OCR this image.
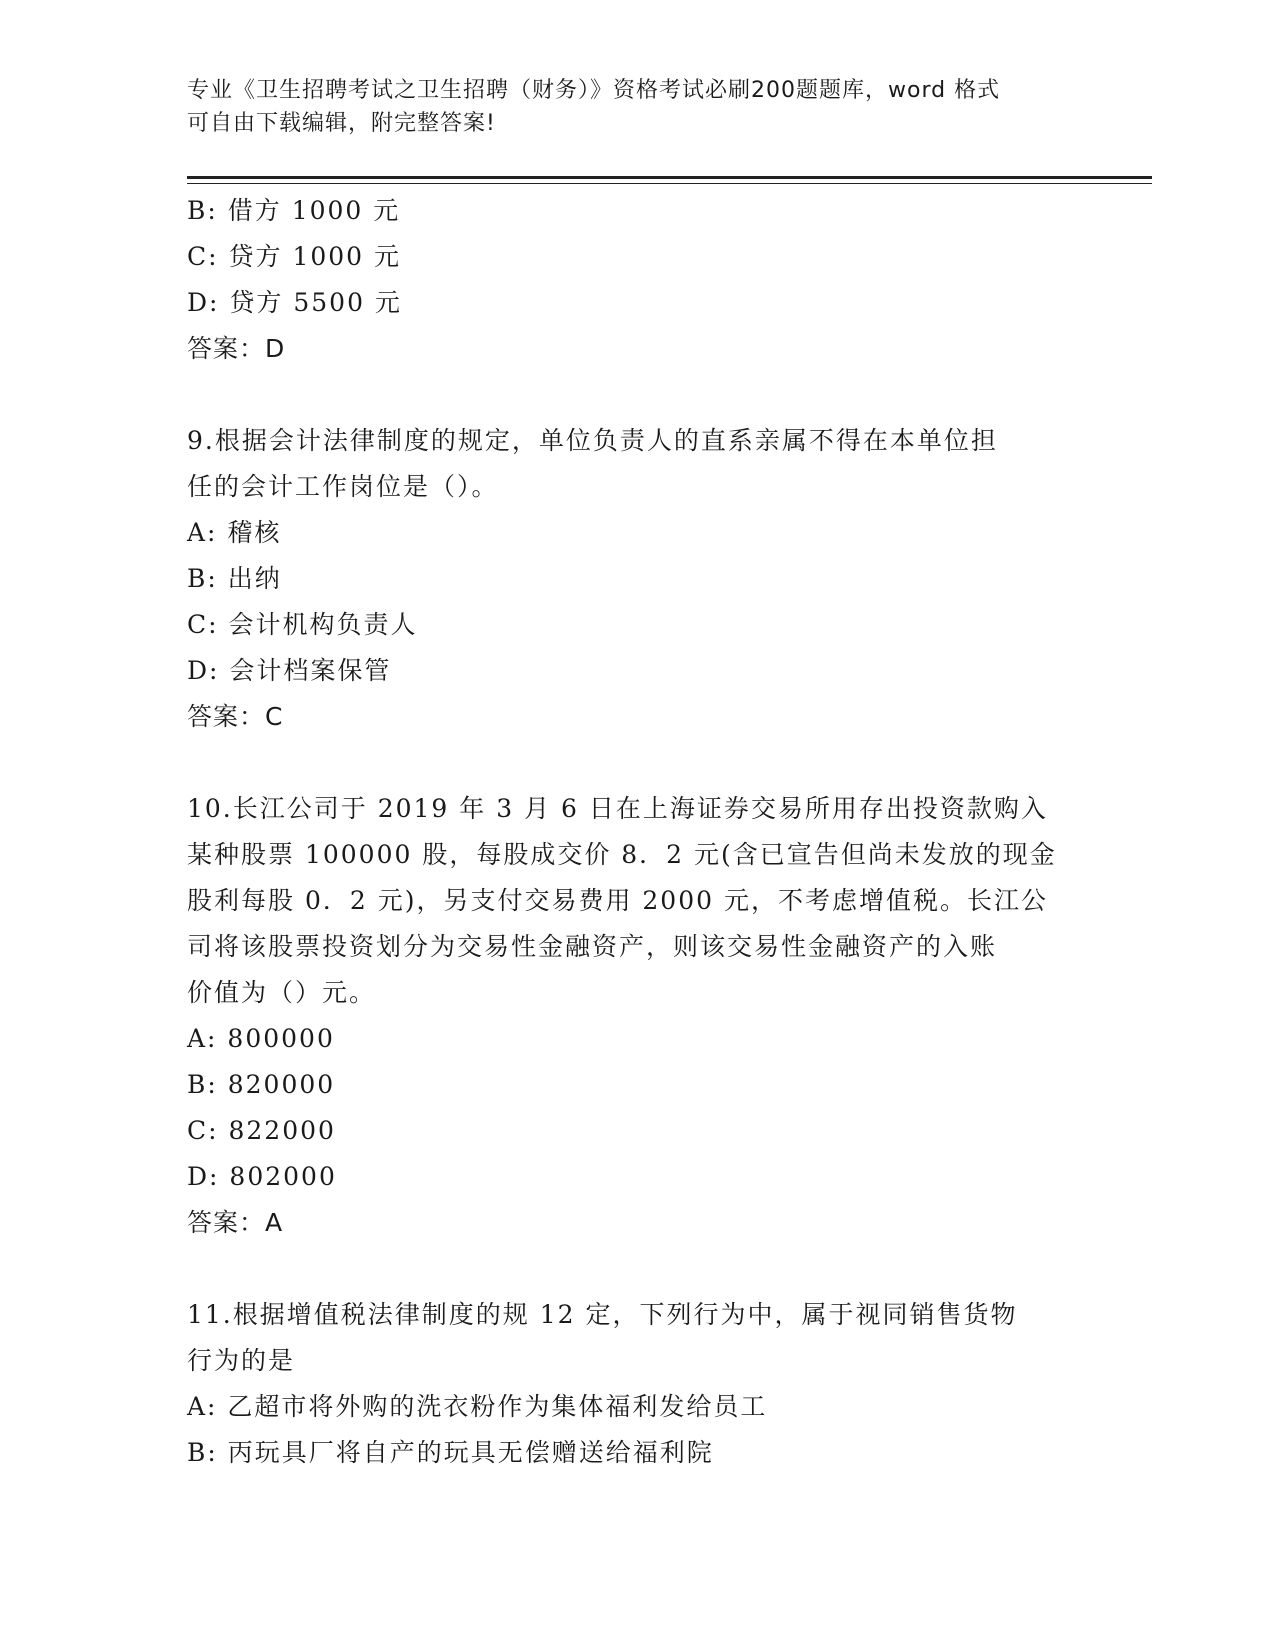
专业《卫生招聘考试之卫生招聘（财务）》资格考试必刷200题题库，word 格式
可自由下载编辑，附完整答案!
B: 借方 1000 元
C: 贷方 1000 元
D: 贷方 5500 元
答案：D
9.根据会计法律制度的规定，单位负责人的直系亲属不得在本单位担
任的会计工作岗位是（）。
A: 稽核
B: 出纳
C: 会计机构负责人
D: 会计档案保管
答案：C
10.长江公司于 2019 年 3 月 6 日在上海证券交易所用存出投资款购入
某种股票 100000 股，每股成交价 8．2 元(含已宣告但尚未发放的现金
股利每股 0．2 元)，另支付交易费用 2000 元，不考虑增值税。长江公
司将该股票投资划分为交易性金融资产，则该交易性金融资产的入账
价值为（）元。
A: 800000
B: 820000
C: 822000
D: 802000
答案：A
11.根据增值税法律制度的规 12 定，下列行为中，属于视同销售货物
行为的是
A: 乙超市将外购的洗衣粉作为集体福利发给员工
B: 丙玩具厂将自产的玩具无偿赠送给福利院
